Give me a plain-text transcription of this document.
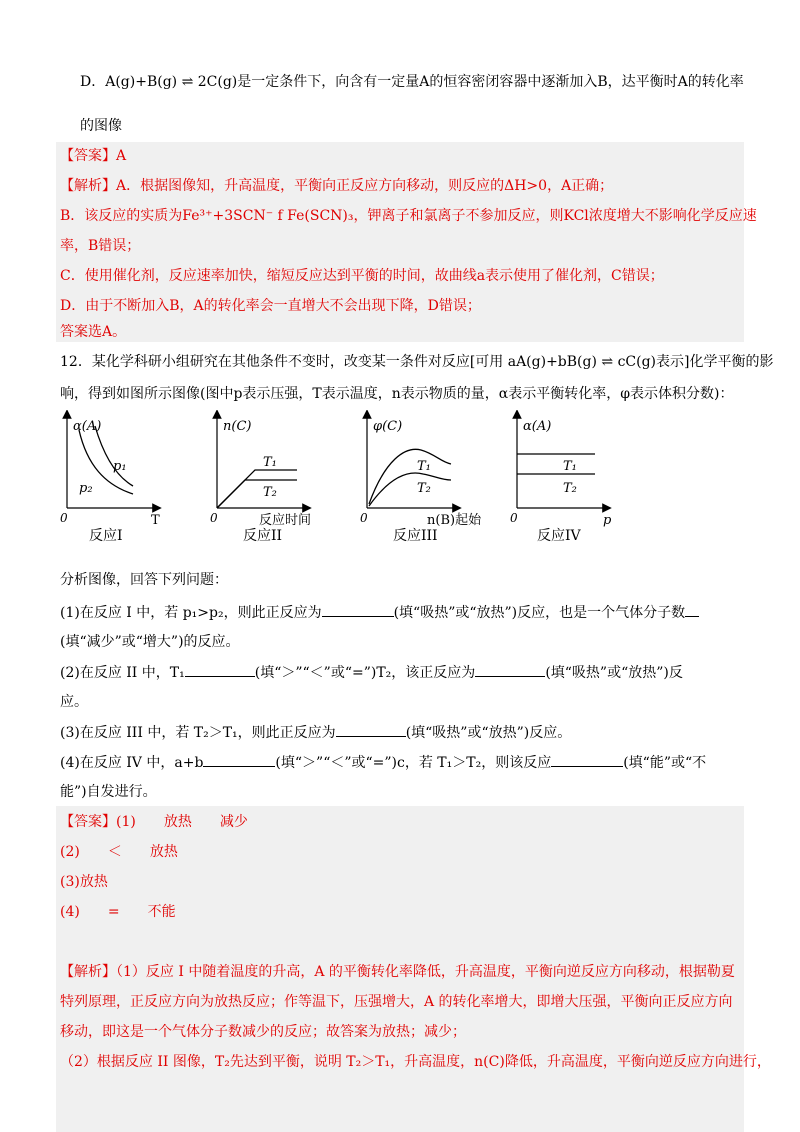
D．A(g)+B(g) ⇌ 2C(g)是一定条件下，向含有一定量A的恒容密闭容器中逐渐加入B，达平衡时A的转化率
的图像
【答案】A
【解析】A．根据图像知，升高温度，平衡向正反应方向移动，则反应的ΔH>0，A正确；
B．该反应的实质为Fe³⁺+3SCN⁻ f Fe(SCN)₃，钾离子和氯离子不参加反应，则KCl浓度增大不影响化学反应速
率，B错误；
C．使用催化剂，反应速率加快，缩短反应达到平衡的时间，故曲线a表示使用了催化剂，C错误；
D．由于不断加入B，A的转化率会一直增大不会出现下降，D错误；
答案选A。
12．某化学科研小组研究在其他条件不变时，改变某一条件对反应[可用 aA(g)+bB(g) ⇌ cC(g)表示]化学平衡的影
响，得到如图所示图像(图中p表示压强，T表示温度，n表示物质的量，α表示平衡转化率，φ表示体积分数)：
α(A)
T
0
p₁
p₂
反应I
n(C)
反应时间
0
T₁
T₂
反应II
φ(C)
n(B)起始
0
T₁
T₂
反应III
α(A)
p
0
T₁
T₂
反应IV
分析图像，回答下列问题：
(1)在反应 I 中，若 p₁>p₂，则此正反应为	(填“吸热”或“放热”)反应，也是一个气体分子数
(填“减少”或“增大”)的反应。
(2)在反应 II 中，T₁	(填“＞”“＜”或“=”)T₂，该正反应为	(填“吸热”或“放热”)反
应。
(3)在反应 III 中，若 T₂＞T₁，则此正反应为	(填“吸热”或“放热”)反应。
(4)在反应 IV 中，a+b	(填“＞”“＜”或“=”)c，若 T₁＞T₂，则该反应	(填“能”或“不
能”)自发进行。
【答案】(1) 放热 减少
(2) ＜ 放热
(3)放热
(4) = 不能
【解析】（1）反应 I 中随着温度的升高，A 的平衡转化率降低，升高温度，平衡向逆反应方向移动，根据勒夏
特列原理，正反应方向为放热反应；作等温下，压强增大，A 的转化率增大，即增大压强，平衡向正反应方向
移动，即这是一个气体分子数减少的反应；故答案为放热；减少；
（2）根据反应 II 图像，T₂先达到平衡，说明 T₂＞T₁，升高温度，n(C)降低，升高温度，平衡向逆反应方向进行，
